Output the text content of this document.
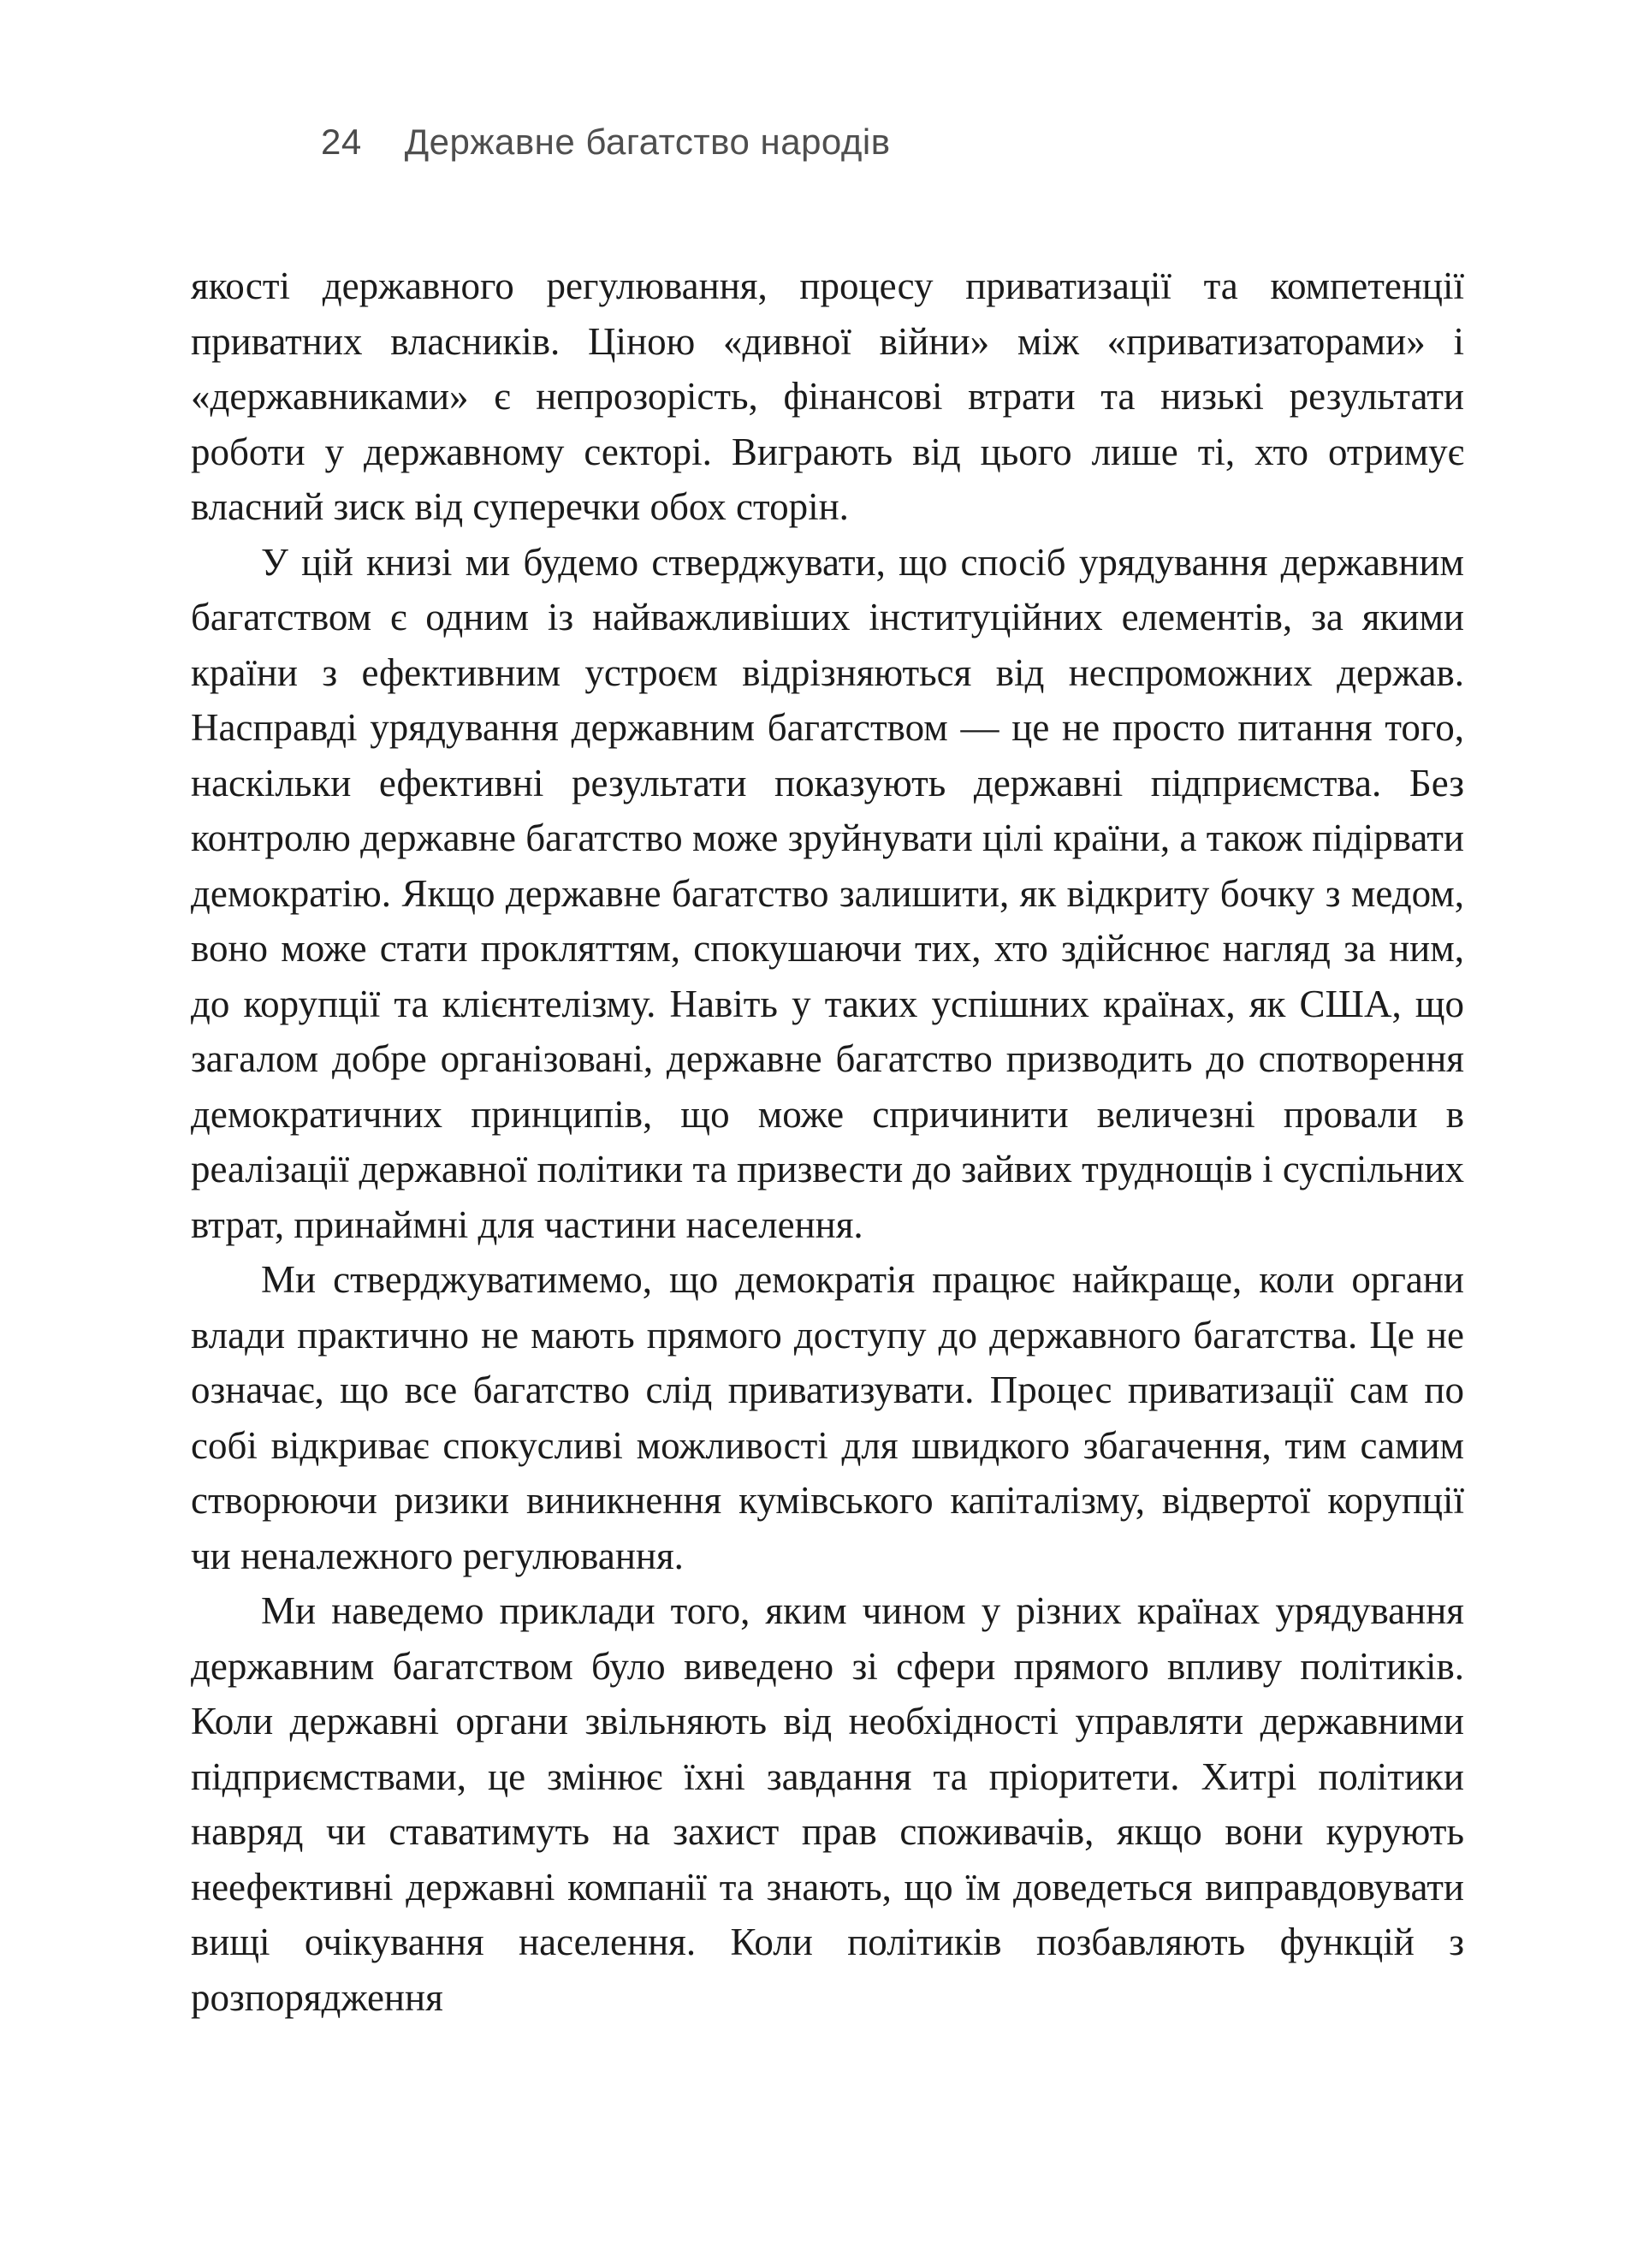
24 Державне багатство народів

якості державного регулювання, процесу приватизації та компетенції приватних власників. Ціною «дивної війни» між «приватизаторами» і «державниками» є непрозорість, фінансові втрати та низькі результати роботи у державному секторі. Виграють від цього лише ті, хто отримує власний зиск від суперечки обох сторін.

У цій книзі ми будемо стверджувати, що спосіб урядування державним багатством є одним із найважливіших інституційних елементів, за якими країни з ефективним устроєм відрізняються від неспроможних держав. Насправді урядування державним багатством — це не просто питання того, наскільки ефективні результати показують державні підприємства. Без контролю державне багатство може зруйнувати цілі країни, а також підірвати демократію. Якщо державне багатство залишити, як відкриту бочку з медом, воно може стати прокляттям, спокушаючи тих, хто здійснює нагляд за ним, до корупції та клієнтелізму. Навіть у таких успішних країнах, як США, що загалом добре організовані, державне багатство призводить до спотворення демократичних принципів, що може спричинити величезні провали в реалізації державної політики та призвести до зайвих труднощів і суспільних втрат, принаймні для частини населення.

Ми стверджуватимемо, що демократія працює найкраще, коли органи влади практично не мають прямого доступу до державного багатства. Це не означає, що все багатство слід приватизувати. Процес приватизації сам по собі відкриває спокусливі можливості для швидкого збагачення, тим самим створюючи ризики виникнення кумівського капіталізму, відвертої корупції чи неналежного регулювання.

Ми наведемо приклади того, яким чином у різних країнах урядування державним багатством було виведено зі сфери прямого впливу політиків. Коли державні органи звільняють від необхідності управляти державними підприємствами, це змінює їхні завдання та пріоритети. Хитрі політики навряд чи ставатимуть на захист прав споживачів, якщо вони курують неефективні державні компанії та знають, що їм доведеться виправдовувати вищі очікування населення. Коли політиків позбавляють функцій з розпорядження
